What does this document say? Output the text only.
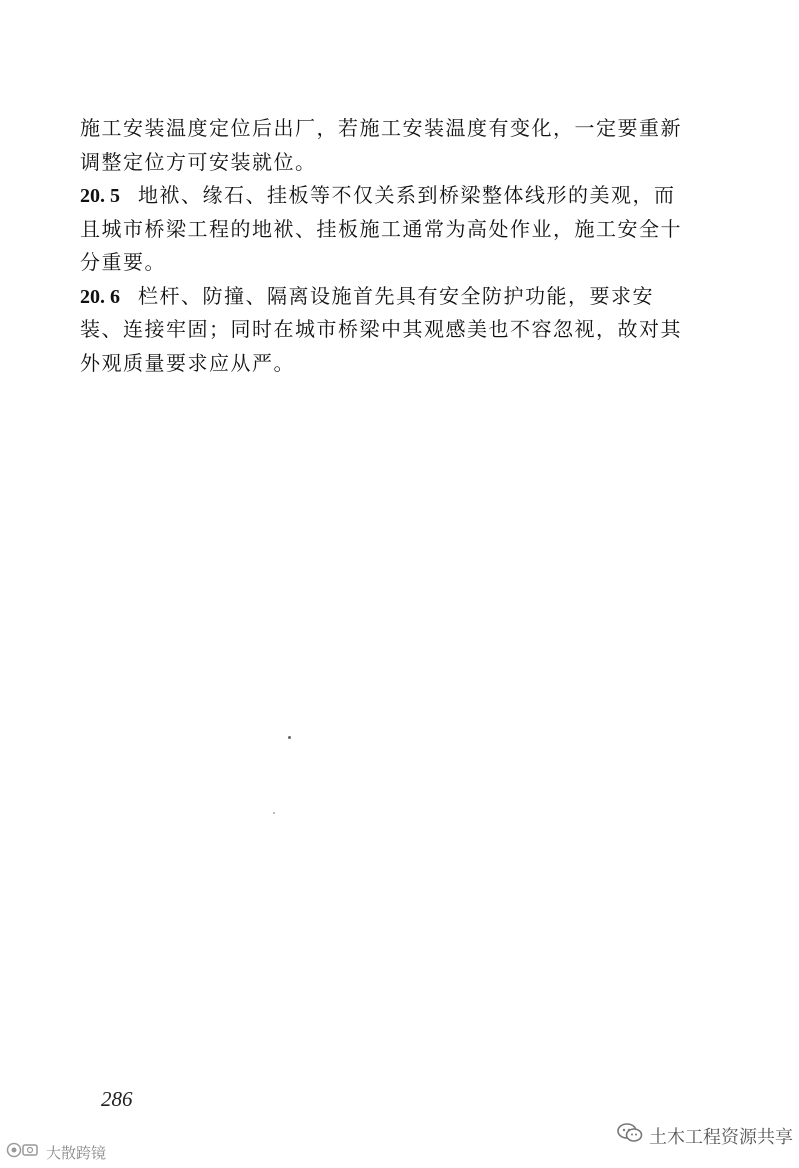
施工安装温度定位后出厂，若施工安装温度有变化，一定要重新
调整定位方可安装就位。
20. 5 地袱、缘石、挂板等不仅关系到桥梁整体线形的美观，而
且城市桥梁工程的地袱、挂板施工通常为高处作业，施工安全十
分重要。
20. 6 栏杆、防撞、隔离设施首先具有安全防护功能，要求安
装、连接牢固；同时在城市桥梁中其观感美也不容忽视，故对其
外观质量要求应从严。
286
土木工程资源共享
大散跨镜
